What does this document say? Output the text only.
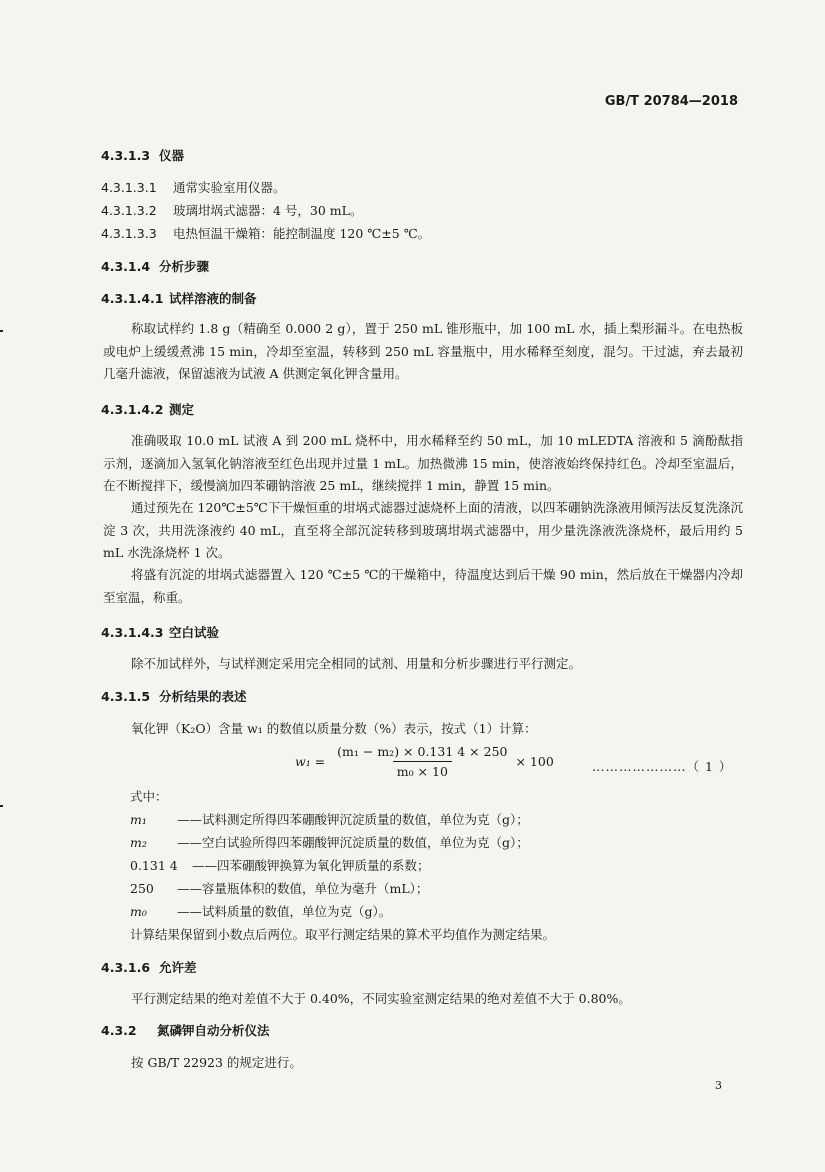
GB/T 20784—2018
4.3.1.3 仪器
4.3.1.3.1 通常实验室用仪器。
4.3.1.3.2 玻璃坩埚式滤器：4 号，30 mL。
4.3.1.3.3 电热恒温干燥箱：能控制温度 120 ℃±5 ℃。
4.3.1.4 分析步骤
4.3.1.4.1 试样溶液的制备
称取试样约 1.8 g（精确至 0.000 2 g），置于 250 mL 锥形瓶中，加 100 mL 水，插上梨形漏斗。在电热板或电炉上缓缓煮沸 15 min，冷却至室温，转移到 250 mL 容量瓶中，用水稀释至刻度，混匀。干过滤，弃去最初几毫升滤液，保留滤液为试液 A 供测定氧化钾含量用。
4.3.1.4.2 测定
准确吸取 10.0 mL 试液 A 到 200 mL 烧杯中，用水稀释至约 50 mL，加 10 mLEDTA 溶液和 5 滴酚酞指示剂，逐滴加入氢氧化钠溶液至红色出现并过量 1 mL。加热微沸 15 min，使溶液始终保持红色。冷却至室温后，在不断搅拌下，缓慢滴加四苯硼钠溶液 25 mL，继续搅拌 1 min，静置 15 min。
通过预先在 120℃±5℃下干燥恒重的坩埚式滤器过滤烧杯上面的清液，以四苯硼钠洗涤液用倾泻法反复洗涤沉淀 3 次，共用洗涤液约 40 mL，直至将全部沉淀转移到玻璃坩埚式滤器中，用少量洗涤液洗涤烧杯，最后用约 5 mL 水洗涤烧杯 1 次。
将盛有沉淀的坩埚式滤器置入 120 ℃±5 ℃的干燥箱中，待温度达到后干燥 90 min，然后放在干燥器内冷却至室温，称重。
4.3.1.4.3 空白试验
除不加试样外，与试样测定采用完全相同的试剂、用量和分析步骤进行平行测定。
4.3.1.5 分析结果的表述
氧化钾（K₂O）含量 w₁ 的数值以质量分数（%）表示，按式（1）计算：
$w_1 = \frac{\text{(m₁ − m₂) × 0.131 4 × 250}}{\text{m₀ × 10}} \times 100$	…………………（ 1 ）
式中：
m₁ ——试料测定所得四苯硼酸钾沉淀质量的数值，单位为克（g）；
m₂ ——空白试验所得四苯硼酸钾沉淀质量的数值，单位为克（g）；
0.131 4 ——四苯硼酸钾换算为氧化钾质量的系数；
250 ——容量瓶体积的数值，单位为毫升（mL）；
m₀ ——试料质量的数值，单位为克（g）。
计算结果保留到小数点后两位。取平行测定结果的算术平均值作为测定结果。
4.3.1.6 允许差
平行测定结果的绝对差值不大于 0.40%，不同实验室测定结果的绝对差值不大于 0.80%。
4.3.2 氮磷钾自动分析仪法
按 GB/T 22923 的规定进行。
3
